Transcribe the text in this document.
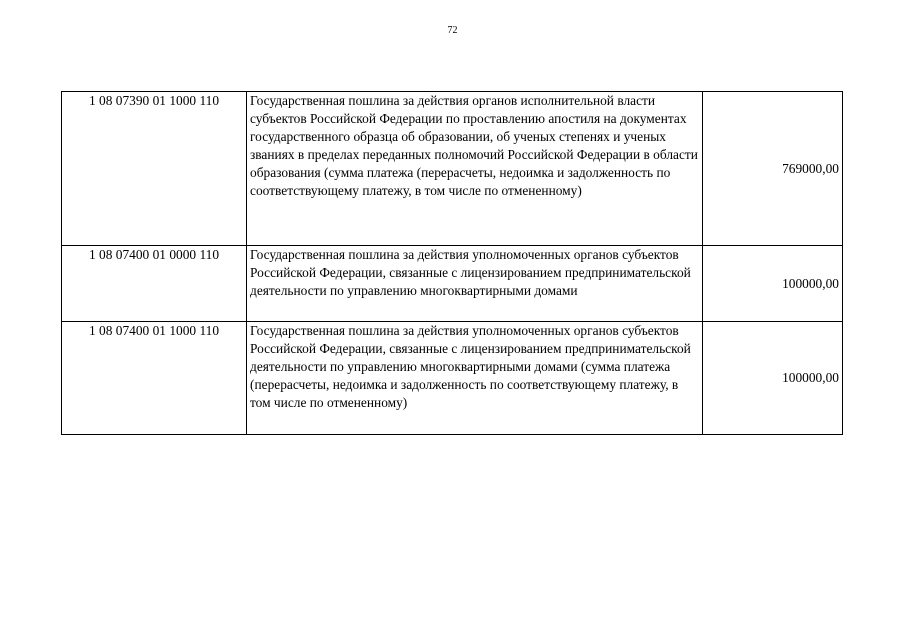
72
1 08 07390 01 1000 110	Государственная пошлина за действия органов исполнительной власти субъектов Российской Федерации по проставлению апостиля на документах государственного образца об образовании, об ученых степенях и ученых званиях в пределах переданных полномочий Российской Федерации в области образования (сумма платежа (перерасчеты, недоимка и задолженность по соответствующему платежу, в том числе по отмененному)	769000,00
1 08 07400 01 0000 110	Государственная пошлина за действия уполномоченных органов субъектов Российской Федерации, связанные с лицензированием предпринимательской деятельности по управлению многоквартирными домами	100000,00
1 08 07400 01 1000 110	Государственная пошлина за действия уполномоченных органов субъектов Российской Федерации, связанные с лицензированием предпринимательской деятельности по управлению многоквартирными домами (сумма платежа (перерасчеты, недоимка и задолженность по соответствующему платежу, в том числе по отмененному)	100000,00
